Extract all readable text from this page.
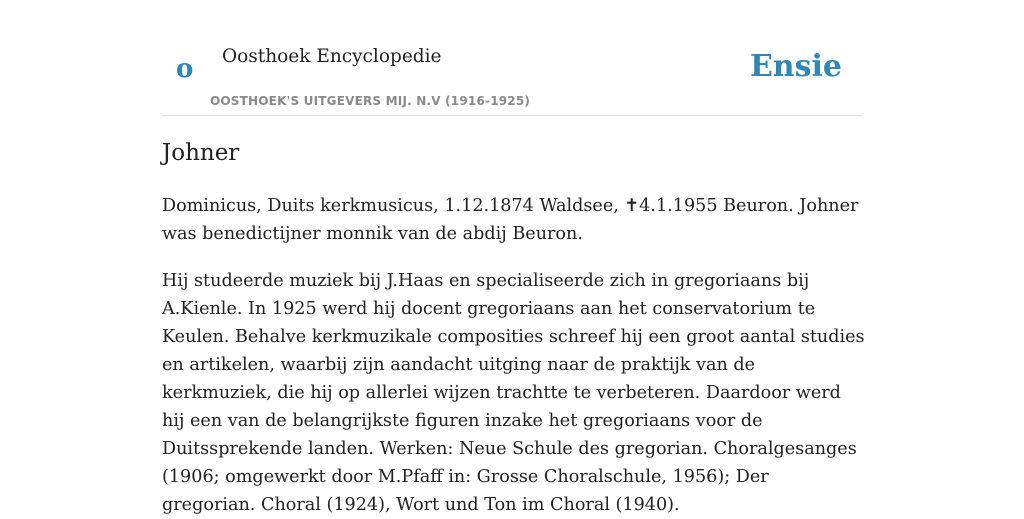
o Oosthoek Encyclopedie
OOSTHOEK'S UITGEVERS MIJ. N.V (1916-1925)
Ensie
Johner

Dominicus, Duits kerkmusicus, 1.12.1874 Waldsee, ✝4.1.1955 Beuron. Johner was benedictijner monnik van de abdij Beuron.

Hij studeerde muziek bij J.Haas en specialiseerde zich in gregoriaans bij A.Kienle. In 1925 werd hij docent gregoriaans aan het conservatorium te Keulen. Behalve kerkmuzikale composities schreef hij een groot aantal studies en artikelen, waarbij zijn aandacht uitging naar de praktijk van de kerkmuziek, die hij op allerlei wijzen trachtte te verbeteren. Daardoor werd hij een van de belangrijkste figuren inzake het gregoriaans voor de Duitssprekende landen. Werken: Neue Schule des gregorian. Choralgesanges (1906; omgewerkt door M.Pfaff in: Grosse Choralschule, 1956); Der gregorian. Choral (1924), Wort und Ton im Choral (1940).
